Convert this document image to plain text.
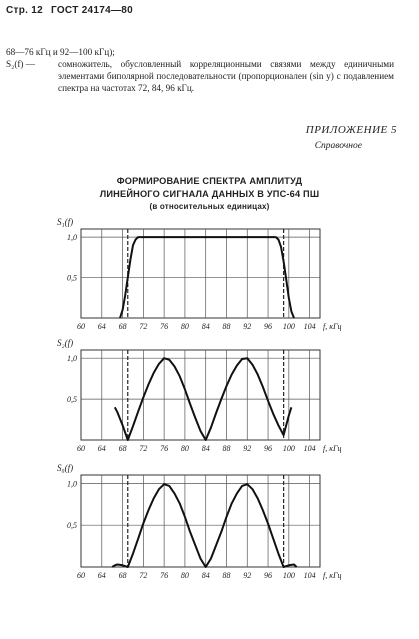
Стр. 12 ГОСТ 24174—80
68—76 кГц и 92—100 кГц);
S₂(f) —	сомножитель, обусловленный корреляционными связями между единичными элементами биполярной последовательности (пропорционален (sin y) с подавлением спектра на частотах 72, 84, 96 кГц.
ПРИЛОЖЕНИЕ 5
Справочное
ФОРМИРОВАНИЕ СПЕКТРА АМПЛИТУД
ЛИНЕЙНОГО СИГНАЛА ДАННЫХ В УПС-64 ПШ
(в относительных единицах)
60 64 68 72 76 80 84 88 92 96 100 104 f, кГц
0,5
1,0
S₁(f)
60 64 68 72 76 80 84 88 92 96 100 104 f, кГц
0,5
1,0
S₂(f)
60 64 68 72 76 80 84 88 92 96 100 104 f, кГц
0,5
1,0
S₀(f)
